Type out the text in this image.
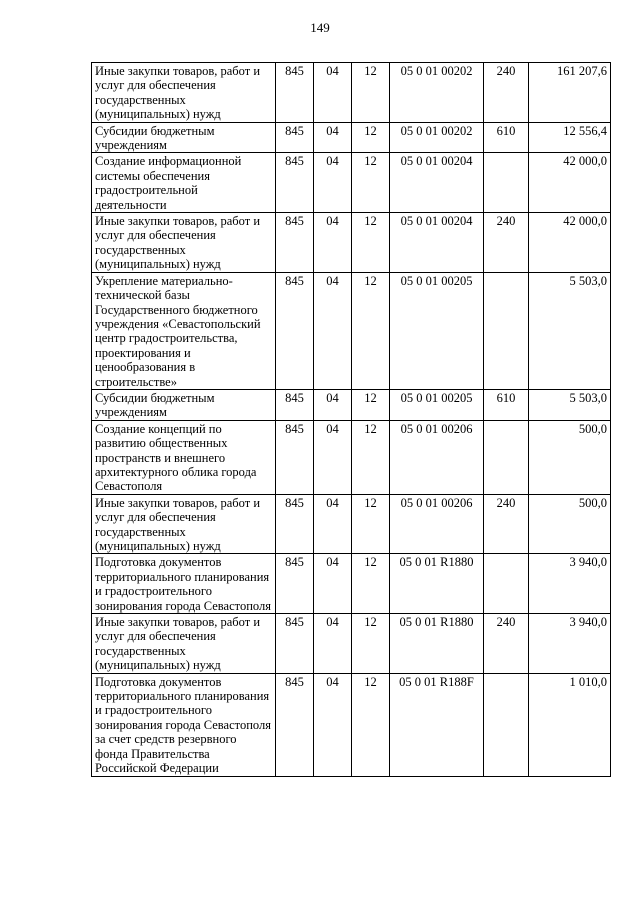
149
Иные закупки товаров, работ и услуг для обеспечения государственных (муниципальных) нужд	845	04	12	05 0 01 00202	240	161 207,6
Субсидии бюджетным учреждениям	845	04	12	05 0 01 00202	610	12 556,4
Создание информационной системы обеспечения градостроительной деятельности	845	04	12	05 0 01 00204		42 000,0
Иные закупки товаров, работ и услуг для обеспечения государственных (муниципальных) нужд	845	04	12	05 0 01 00204	240	42 000,0
Укрепление материально-технической базы Государственного бюджетного учреждения «Севастопольский центр градостроительства, проектирования и ценообразования в строительстве»	845	04	12	05 0 01 00205		5 503,0
Субсидии бюджетным учреждениям	845	04	12	05 0 01 00205	610	5 503,0
Создание концепций по развитию общественных пространств и внешнего архитектурного облика города Севастополя	845	04	12	05 0 01 00206		500,0
Иные закупки товаров, работ и услуг для обеспечения государственных (муниципальных) нужд	845	04	12	05 0 01 00206	240	500,0
Подготовка документов территориального планирования и градостроительного зонирования города Севастополя	845	04	12	05 0 01 R1880		3 940,0
Иные закупки товаров, работ и услуг для обеспечения государственных (муниципальных) нужд	845	04	12	05 0 01 R1880	240	3 940,0
Подготовка документов территориального планирования и градостроительного зонирования города Севастополя за счет средств резервного фонда Правительства Российской Федерации	845	04	12	05 0 01 R188F		1 010,0
